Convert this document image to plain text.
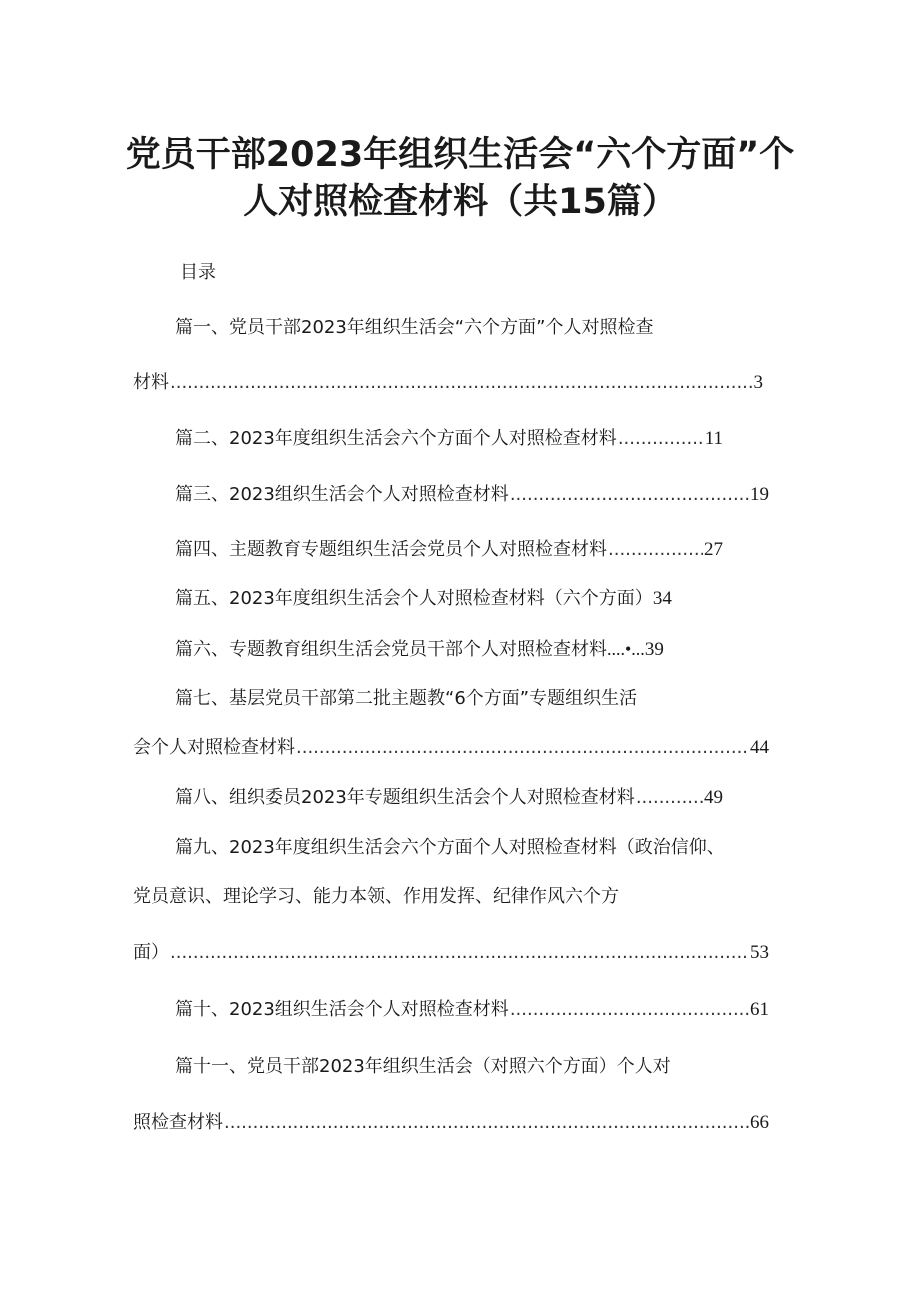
党员干部2023年组织生活会“六个方面”个
人对照检查材料（共15篇）
目录
篇一、党员干部2023年组织生活会“六个方面”个人对照检查
材料 .....	3
篇二、2023年度组织生活会六个方面个人对照检查材料 .....	11
篇三、2023组织生活会个人对照检查材料 .....	19
篇四、主题教育专题组织生活会党员个人对照检查材料 .....	27
篇五、2023年度组织生活会个人对照检查材料（六个方面） 34
篇六、专题教育组织生活会党员干部个人对照检查材料 ....•... 39
篇七、基层党员干部第二批主题教“6个方面”专题组织生活
会个人对照检查材料 .....	44
篇八、组织委员2023年专题组织生活会个人对照检查材料 .....	49
篇九、2023年度组织生活会六个方面个人对照检查材料（政治信仰、
党员意识、理论学习、能力本领、作用发挥、纪律作风六个方
面） .....	53
篇十、2023组织生活会个人对照检查材料 .....	61
篇十一、党员干部2023年组织生活会（对照六个方面）个人对
照检查材料 .....	66
